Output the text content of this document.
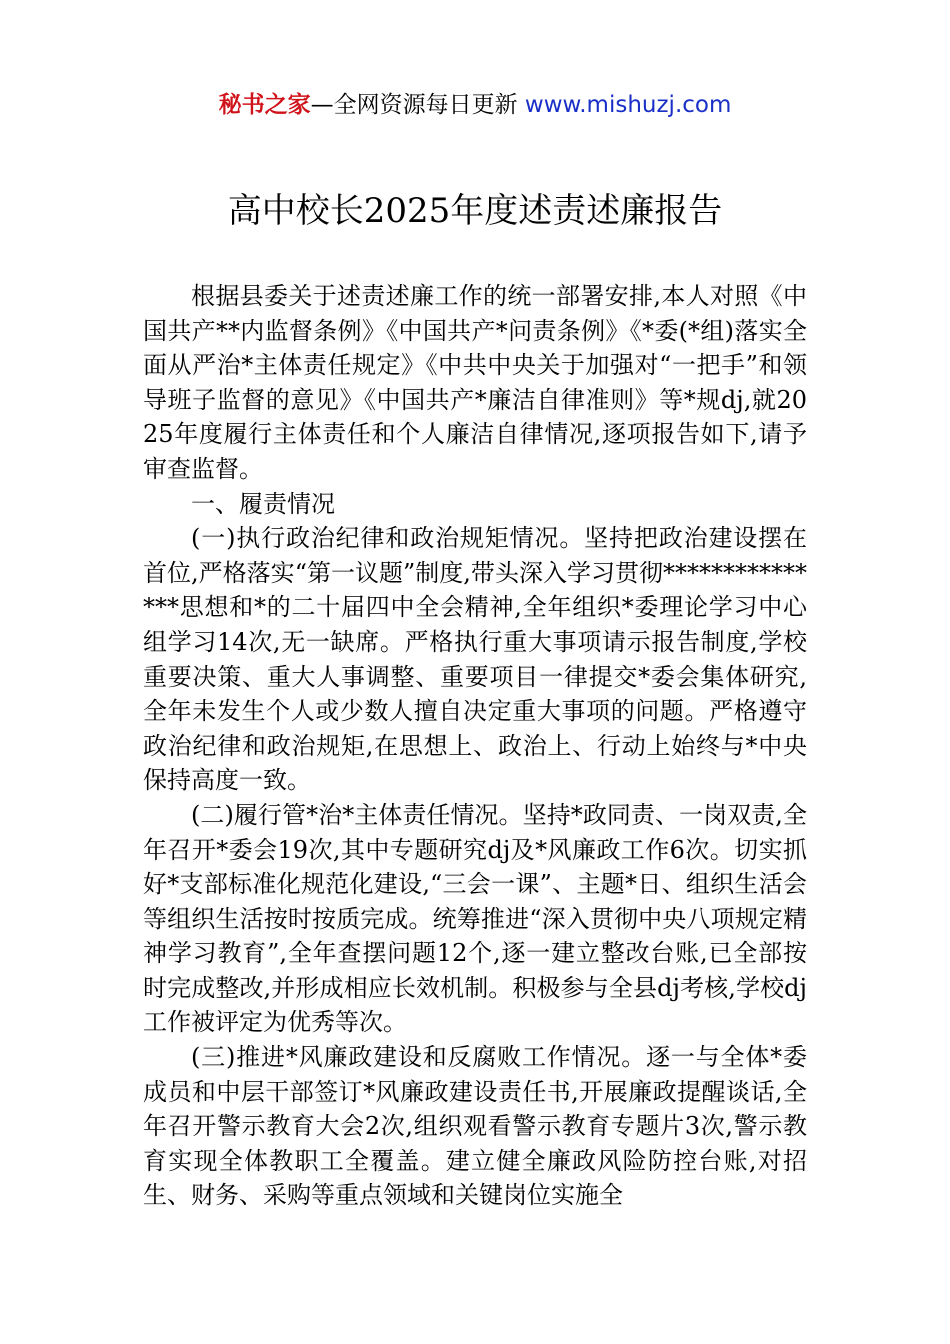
秘书之家—全网资源每日更新 www.mishuzj.com
高中校长2025年度述责述廉报告

根据县委关于述责述廉工作的统一部署安排,本人对照《中国共产**内监督条例》《中国共产*问责条例》《*委(*组)落实全面从严治*主体责任规定》《中共中央关于加强对“一把手”和领导班子监督的意见》《中国共产*廉洁自律准则》等*规dj,就2025年度履行主体责任和个人廉洁自律情况,逐项报告如下,请予审查监督。

一、履责情况

(一)执行政治纪律和政治规矩情况。坚持把政治建设摆在首位,严格落实“第一议题”制度,带头深入学习贯彻***************思想和*的二十届四中全会精神,全年组织*委理论学习中心组学习14次,无一缺席。严格执行重大事项请示报告制度,学校重要决策、重大人事调整、重要项目一律提交*委会集体研究,全年未发生个人或少数人擅自决定重大事项的问题。严格遵守政治纪律和政治规矩,在思想上、政治上、行动上始终与*中央保持高度一致。

(二)履行管*治*主体责任情况。坚持*政同责、一岗双责,全年召开*委会19次,其中专题研究dj及*风廉政工作6次。切实抓好*支部标准化规范化建设,“三会一课”、主题*日、组织生活会等组织生活按时按质完成。统筹推进“深入贯彻中央八项规定精神学习教育”,全年查摆问题12个,逐一建立整改台账,已全部按时完成整改,并形成相应长效机制。积极参与全县dj考核,学校dj工作被评定为优秀等次。

(三)推进*风廉政建设和反腐败工作情况。逐一与全体*委成员和中层干部签订*风廉政建设责任书,开展廉政提醒谈话,全年召开警示教育大会2次,组织观看警示教育专题片3次,警示教育实现全体教职工全覆盖。建立健全廉政风险防控台账,对招生、财务、采购等重点领域和关键岗位实施全
